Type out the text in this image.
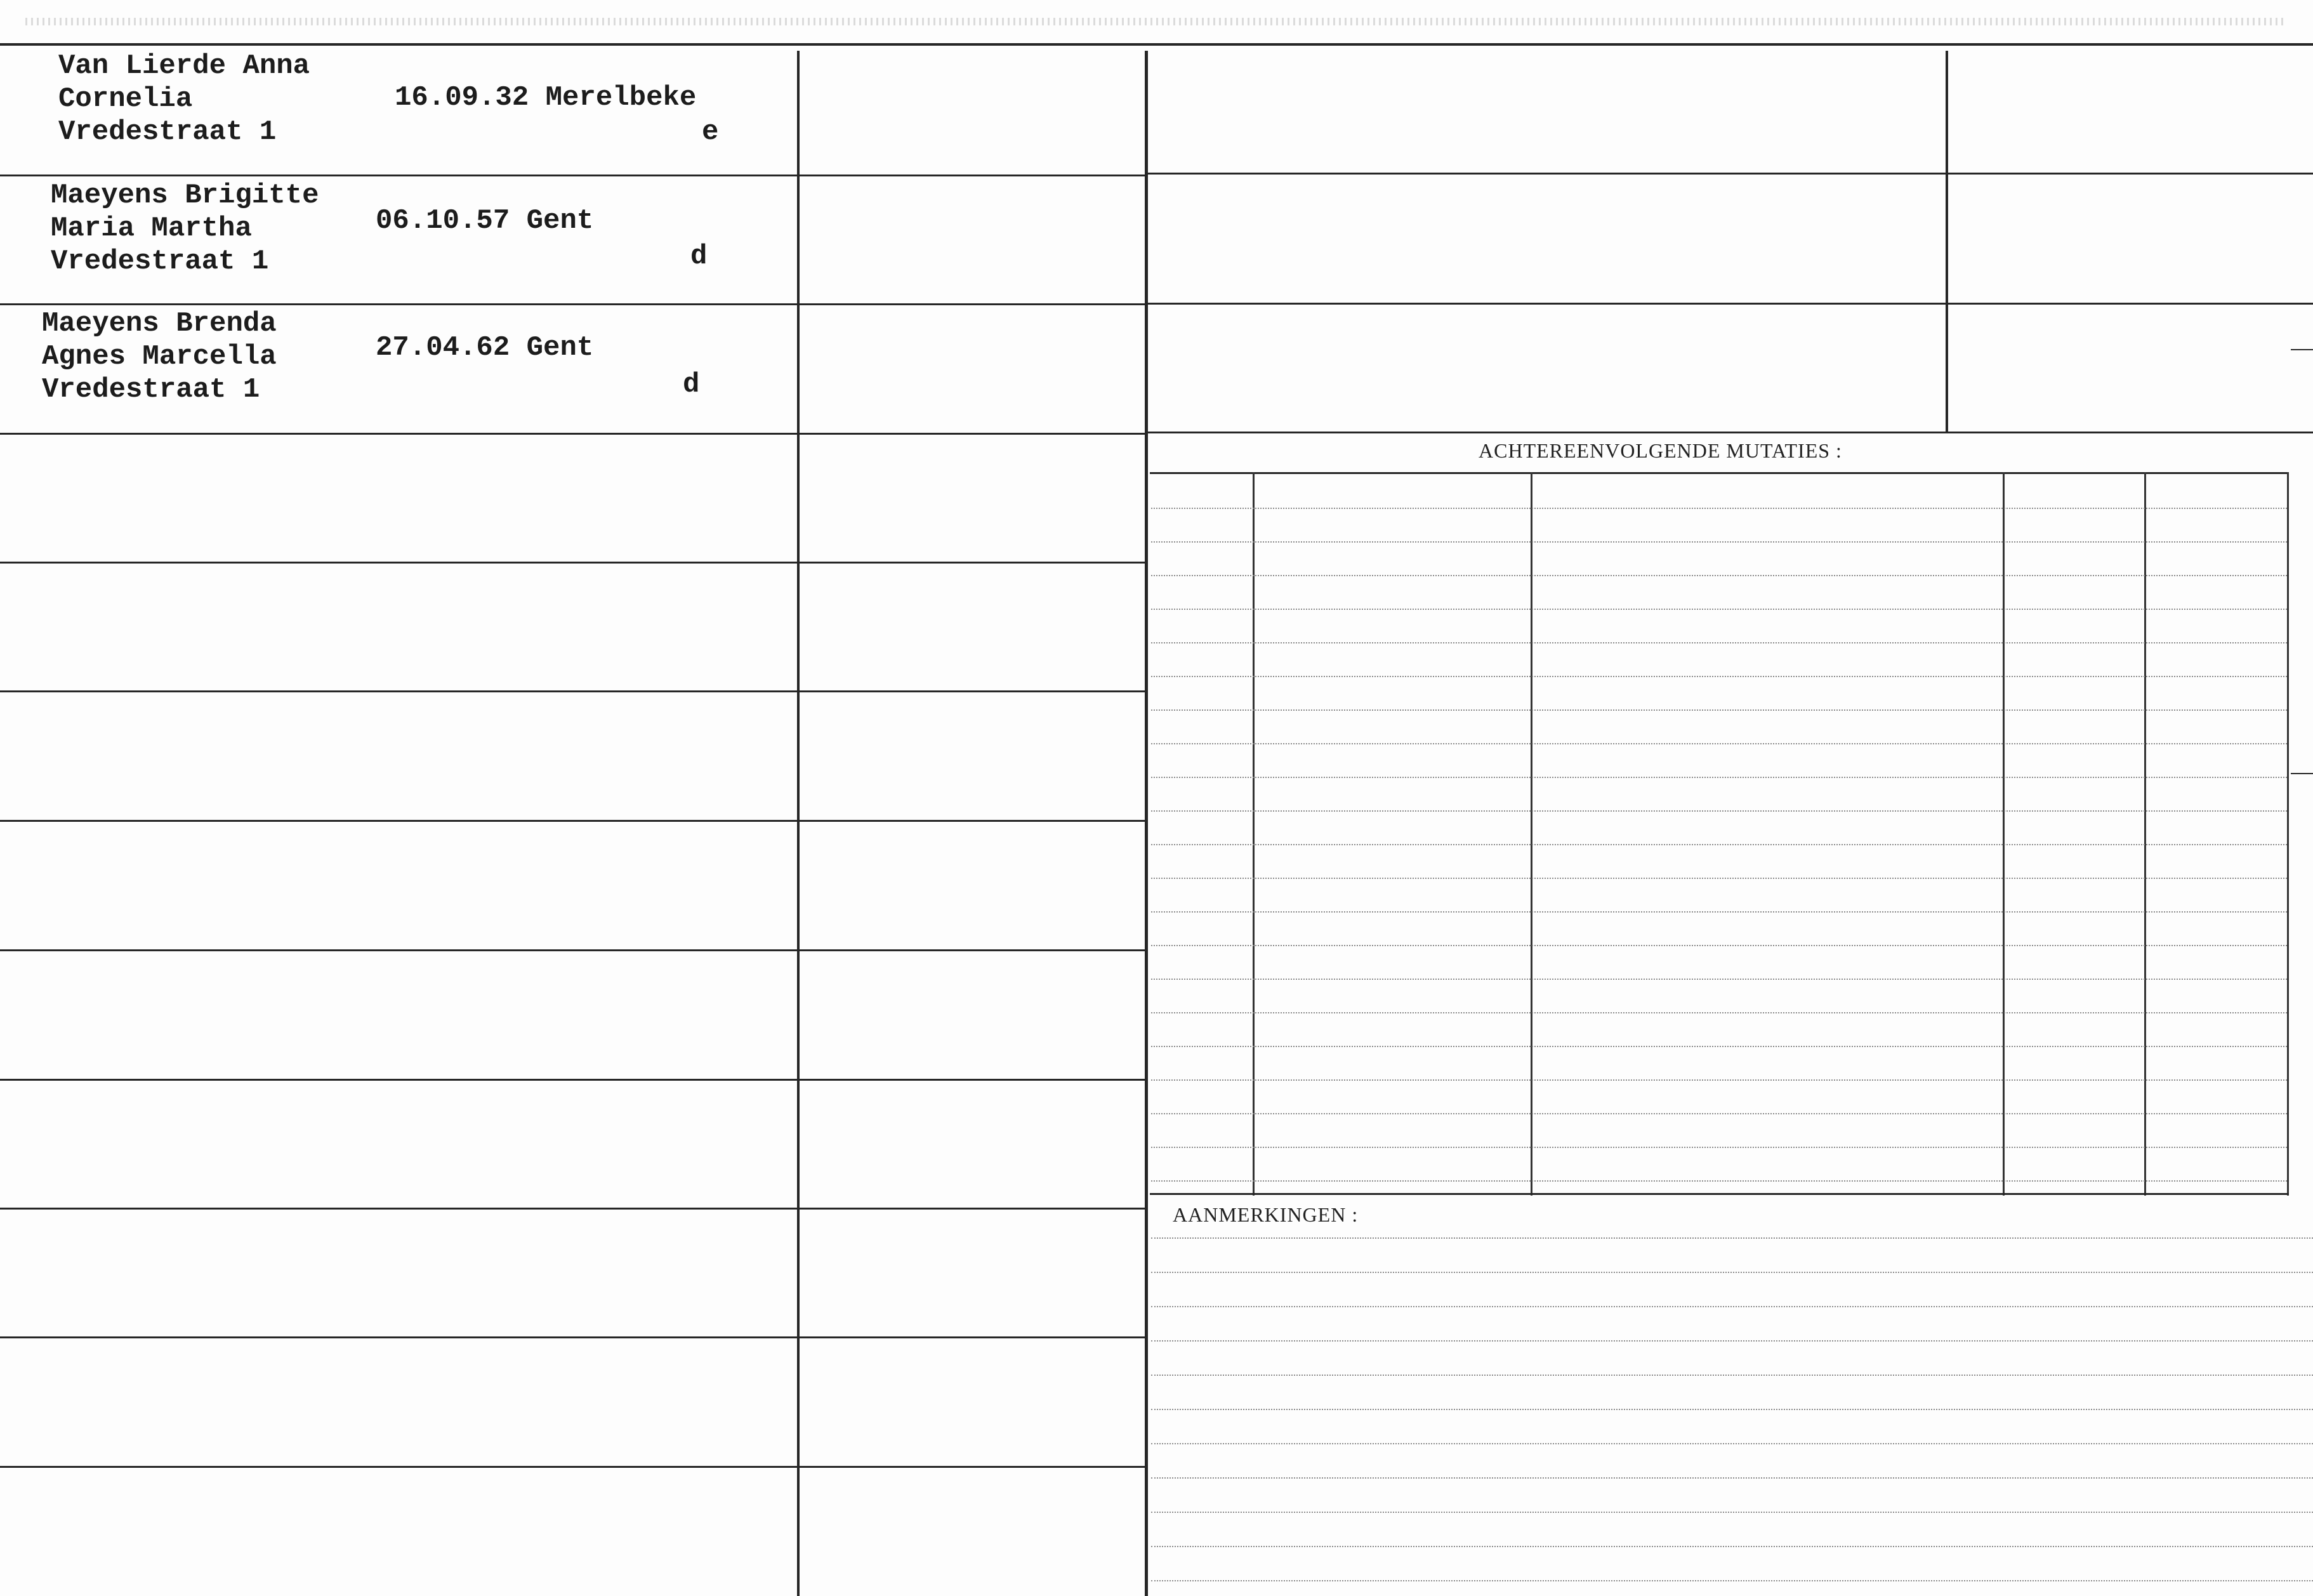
Van Lierde Anna
Cornelia
Vredestraat 1
16.09.32 Merelbeke
e
Maeyens Brigitte
Maria Martha
Vredestraat 1
06.10.57 Gent
d
Maeyens Brenda
Agnes Marcella
Vredestraat 1
27.04.62 Gent
d
ACHTEREENVOLGENDE MUTATIES :
AANMERKINGEN :
